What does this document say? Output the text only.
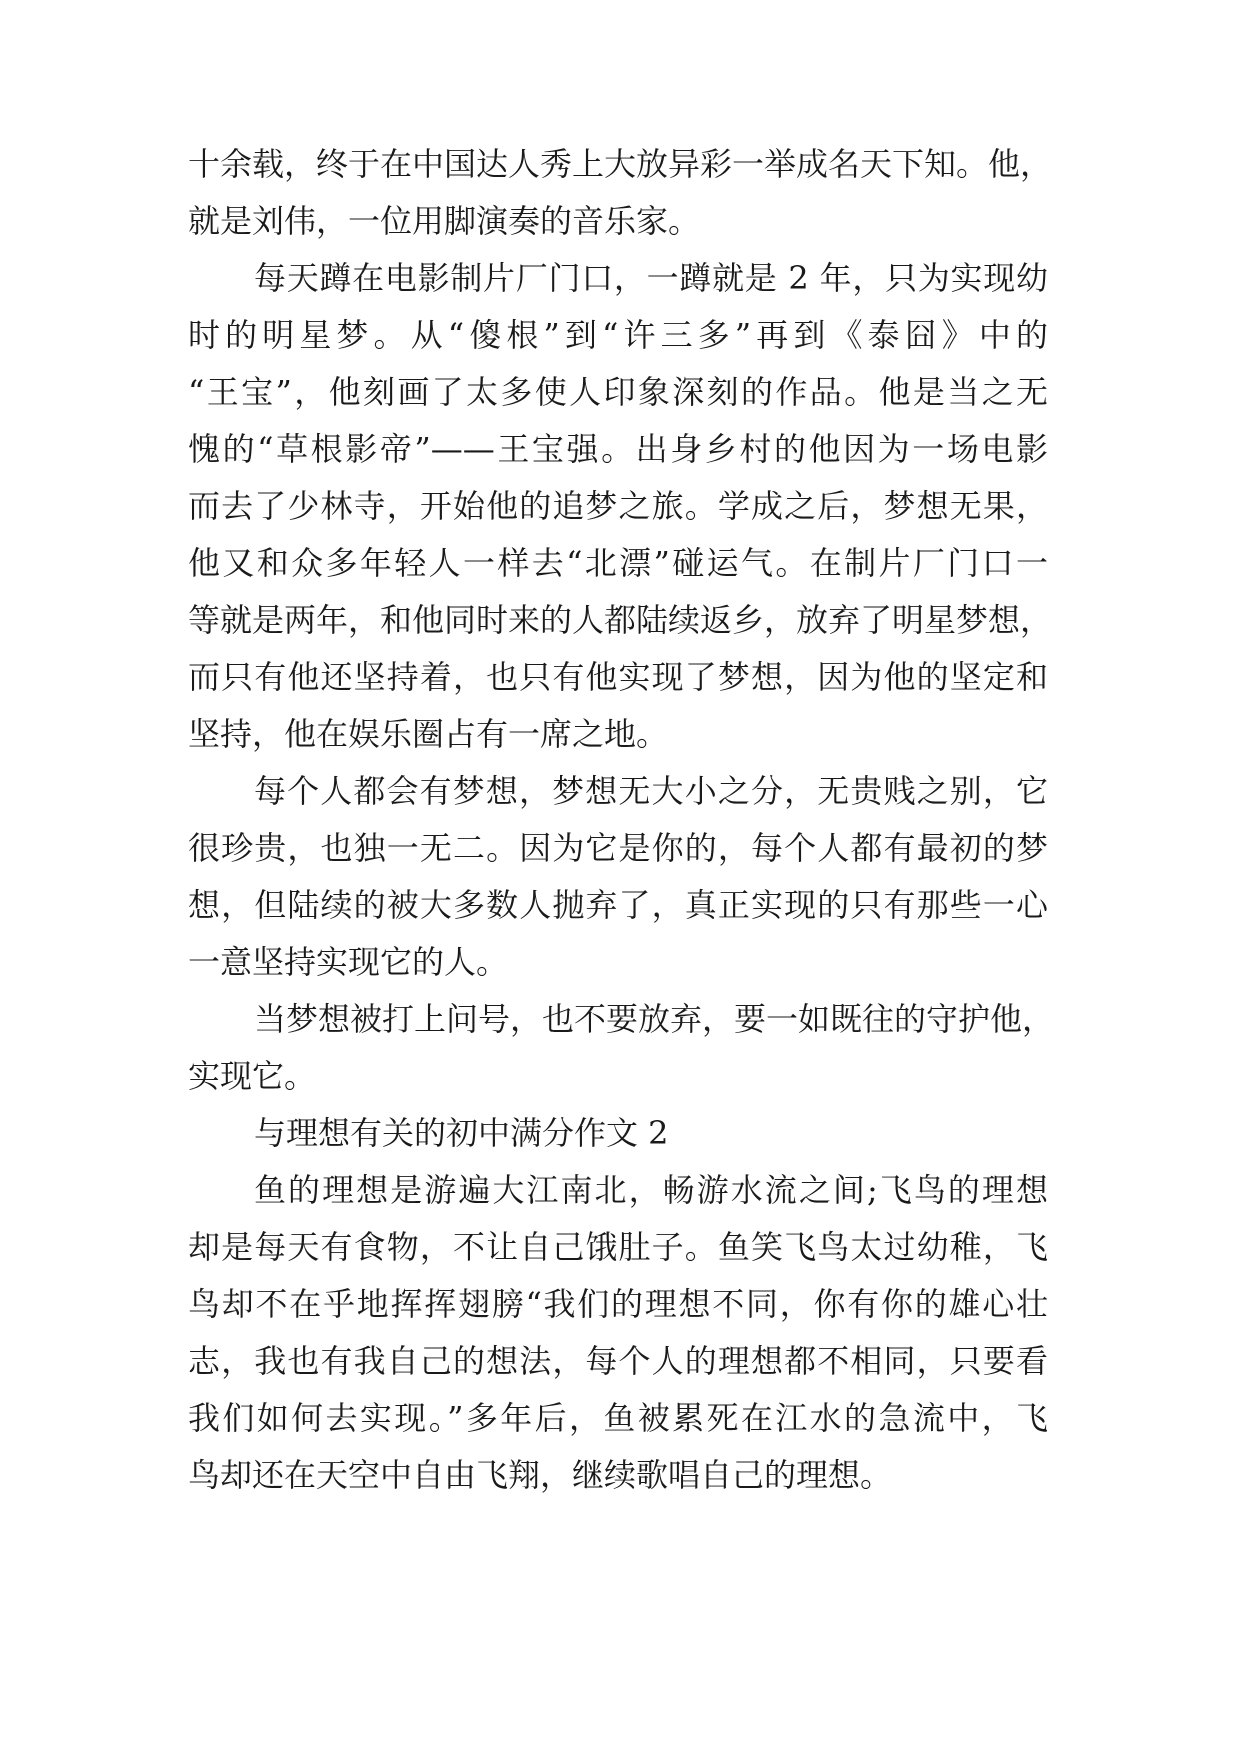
十余载，终于在中国达人秀上大放异彩一举成名天下知。他，
就是刘伟，一位用脚演奏的音乐家。
每天蹲在电影制片厂门口，一蹲就是 2 年，只为实现幼
时的明星梦。从“傻根”到“许三多”再到《泰囧》中的
“王宝”，他刻画了太多使人印象深刻的作品。他是当之无
愧的“草根影帝”——王宝强。出身乡村的他因为一场电影
而去了少林寺，开始他的追梦之旅。学成之后，梦想无果，
他又和众多年轻人一样去“北漂”碰运气。在制片厂门口一
等就是两年，和他同时来的人都陆续返乡，放弃了明星梦想，
而只有他还坚持着，也只有他实现了梦想，因为他的坚定和
坚持，他在娱乐圈占有一席之地。
每个人都会有梦想，梦想无大小之分，无贵贱之别，它
很珍贵，也独一无二。因为它是你的，每个人都有最初的梦
想，但陆续的被大多数人抛弃了，真正实现的只有那些一心
一意坚持实现它的人。
当梦想被打上问号，也不要放弃，要一如既往的守护他，
实现它。
与理想有关的初中满分作文 2
鱼的理想是游遍大江南北，畅游水流之间;飞鸟的理想
却是每天有食物，不让自己饿肚子。鱼笑飞鸟太过幼稚，飞
鸟却不在乎地挥挥翅膀“我们的理想不同，你有你的雄心壮
志，我也有我自己的想法，每个人的理想都不相同，只要看
我们如何去实现。”多年后，鱼被累死在江水的急流中，飞
鸟却还在天空中自由飞翔，继续歌唱自己的理想。
